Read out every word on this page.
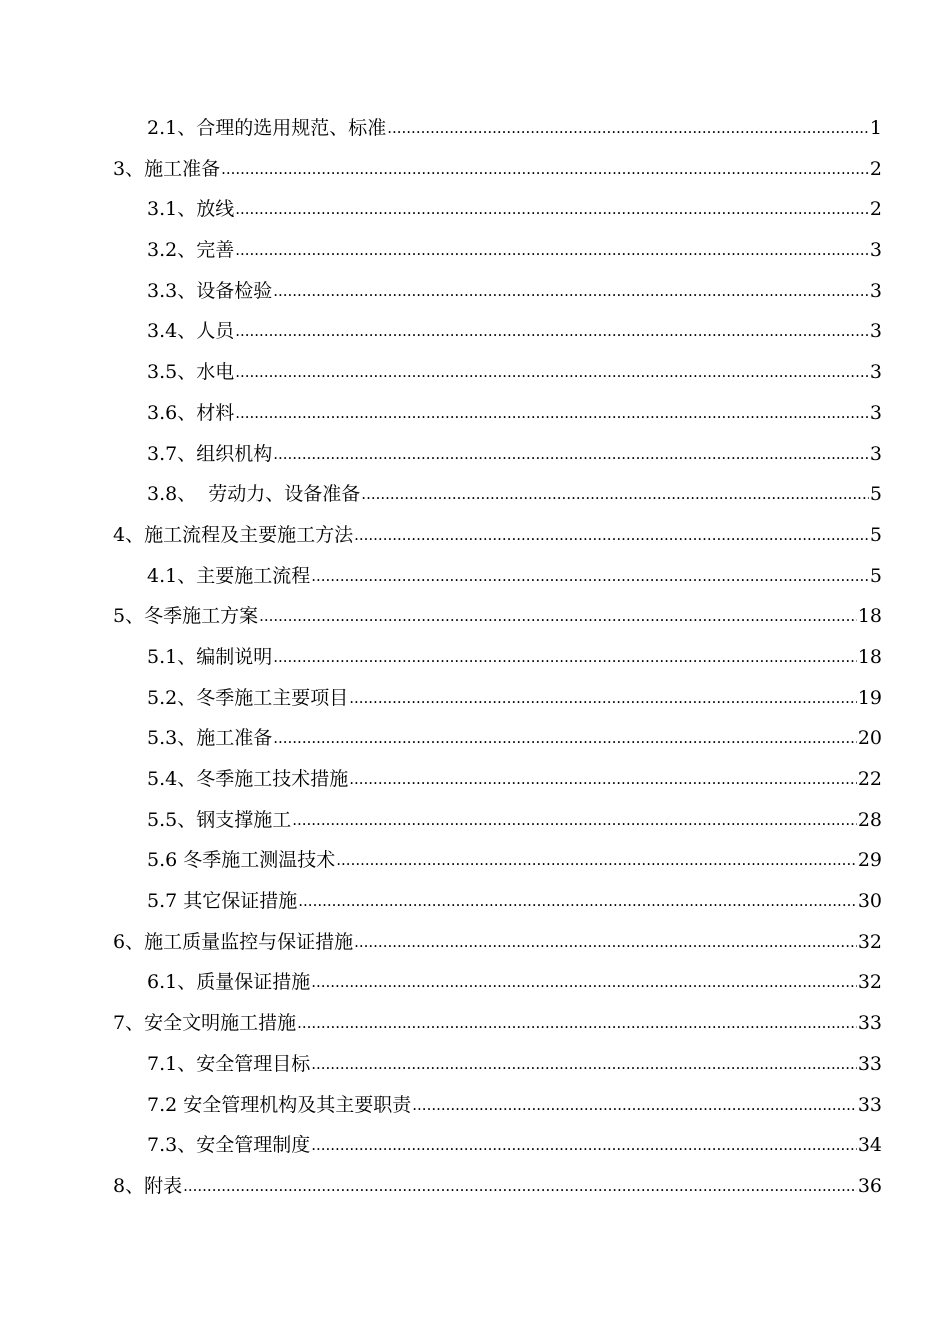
2.1、合理的选用规范、标准 .....	1
3、施工准备 .....	2
3.1、放线 .....	2
3.2、完善 .....	3
3.3、设备检验 .....	3
3.4、人员 .....	3
3.5、水电 .....	3
3.6、材料 .....	3
3.7、组织机构 .....	3
3.8、  劳动力、设备准备 .....	5
4、施工流程及主要施工方法 .....	5
4.1、主要施工流程 .....	5
5、冬季施工方案 .....	18
5.1、编制说明 .....	18
5.2、冬季施工主要项目 .....	19
5.3、施工准备 .....	20
5.4、冬季施工技术措施 .....	22
5.5、钢支撑施工 .....	28
5.6 冬季施工测温技术 .....	29
5.7 其它保证措施 .....	30
6、施工质量监控与保证措施 .....	32
6.1、质量保证措施 .....	32
7、安全文明施工措施 .....	33
7.1、安全管理目标 .....	33
7.2 安全管理机构及其主要职责 .....	33
7.3、安全管理制度 .....	34
8、附表 .....	36
